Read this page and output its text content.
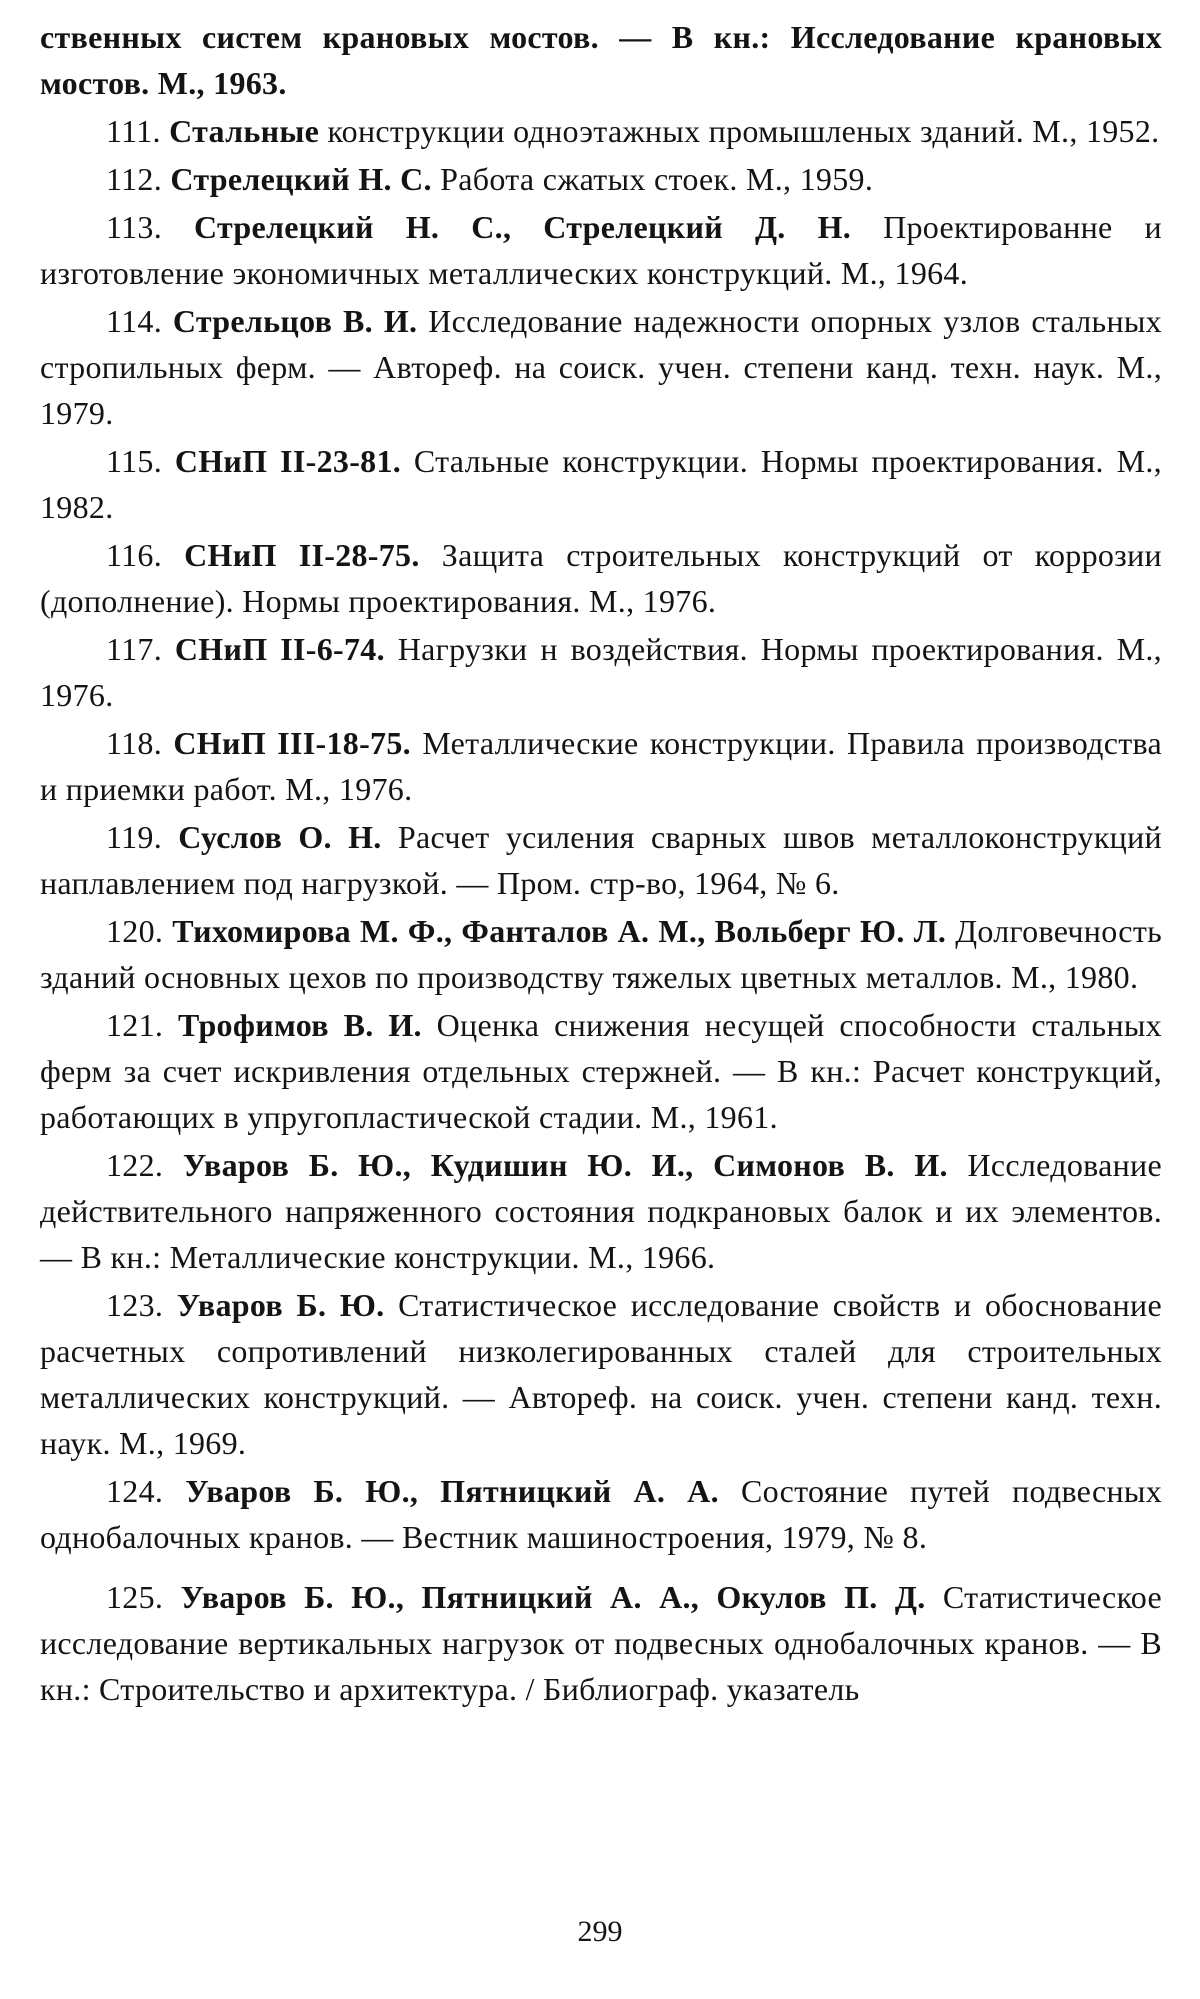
ственных систем крановых мостов. — В кн.: Исследование крановых мостов. М., 1963.

111. Стальные конструкции одноэтажных промышленых зданий. М., 1952.

112. Стрелецкий Н. С. Работа сжатых стоек. М., 1959.

113. Стрелецкий Н. С., Стрелецкий Д. Н. Проектированне и изготовление экономичных металлических конструкций. М., 1964.

114. Стрельцов В. И. Исследование надежности опорных узлов стальных стропильных ферм. — Автореф. на соиск. учен. степени канд. техн. наук. М., 1979.

115. СНиП II-23-81. Стальные конструкции. Нормы проектирования. М., 1982.

116. СНиП II-28-75. Защита строительных конструкций от коррозии (дополнение). Нормы проектирования. М., 1976.

117. СНиП II-6-74. Нагрузки н воздействия. Нормы проектирования. М., 1976.

118. СНиП III-18-75. Металлические конструкции. Правила производства и приемки работ. М., 1976.

119. Суслов О. Н. Расчет усиления сварных швов металлоконструкций наплавлением под нагрузкой. — Пром. стр-во, 1964, № 6.

120. Тихомирова М. Ф., Фанталов А. М., Вольберг Ю. Л. Долговечность зданий основных цехов по производству тяжелых цветных металлов. М., 1980.

121. Трофимов В. И. Оценка снижения несущей способности стальных ферм за счет искривления отдельных стержней. — В кн.: Расчет конструкций, работающих в упругопластической стадии. М., 1961.

122. Уваров Б. Ю., Кудишин Ю. И., Симонов В. И. Исследование действительного напряженного состояния подкрановых балок и их элементов. — В кн.: Металлические конструкции. М., 1966.

123. Уваров Б. Ю. Статистическое исследование свойств и обоснование расчетных сопротивлений низколегированных сталей для строительных металлических конструкций. — Автореф. на соиск. учен. степени канд. техн. наук. М., 1969.

124. Уваров Б. Ю., Пятницкий А. А. Состояние путей подвесных однобалочных кранов. — Вестник машиностроения, 1979, № 8.

125. Уваров Б. Ю., Пятницкий А. А., Окулов П. Д. Статистическое исследование вертикальных нагрузок от подвесных однобалочных кранов. — В кн.: Строительство и архитектура. / Библиограф. указатель

299
